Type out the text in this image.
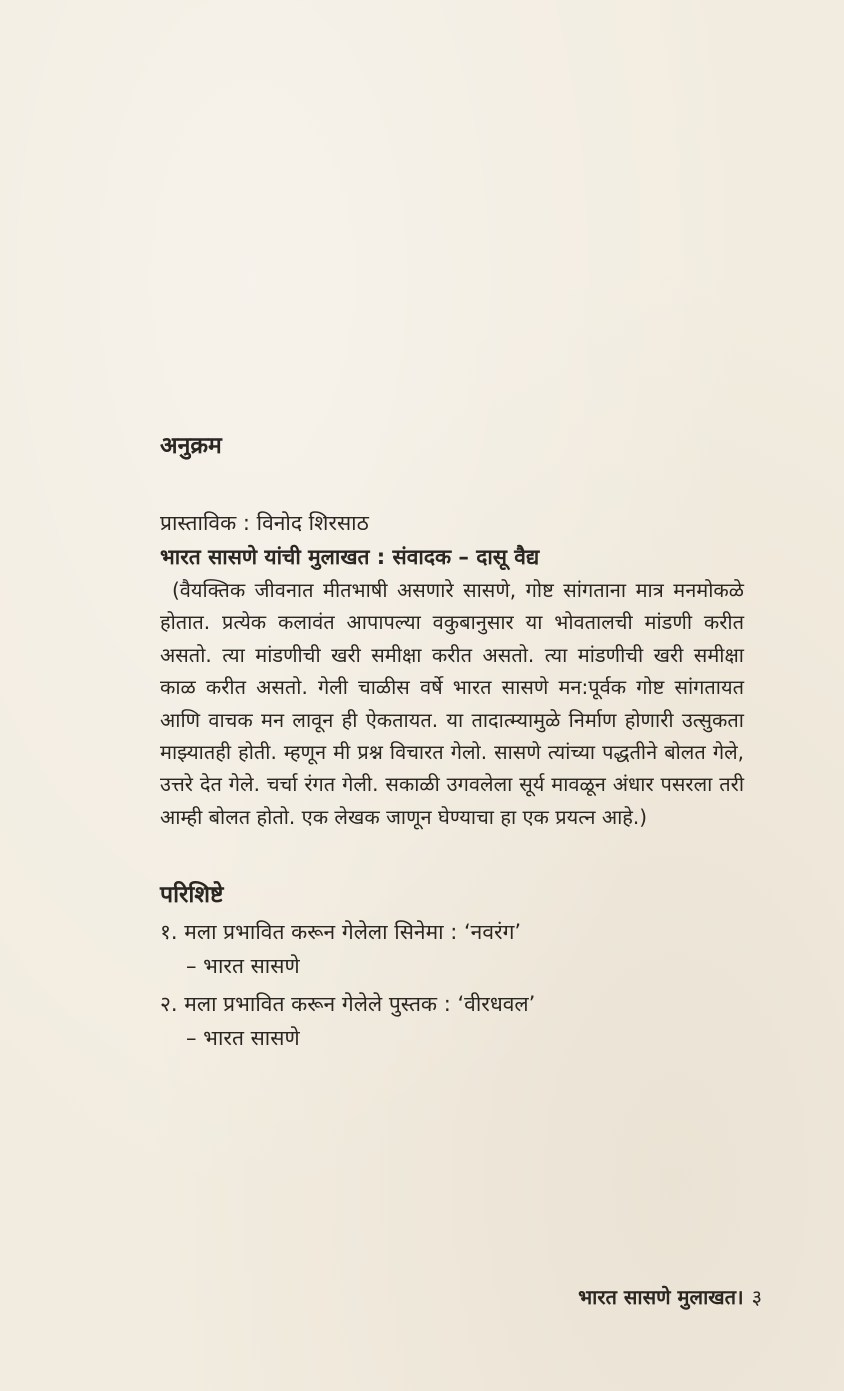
अनुक्रम

प्रास्ताविक : विनोद शिरसाठ

भारत सासणे यांची मुलाखत : संवादक – दासू वैद्य

(वैयक्तिक जीवनात मीतभाषी असणारे सासणे, गोष्ट सांगताना मात्र मनमोकळे होतात. प्रत्येक कलावंत आपापल्या वकुबानुसार या भोवतालची मांडणी करीत असतो. त्या मांडणीची खरी समीक्षा करीत असतो. त्या मांडणीची खरी समीक्षा काळ करीत असतो. गेली चाळीस वर्षे भारत सासणे मन:पूर्वक गोष्ट सांगतायत आणि वाचक मन लावून ही ऐकतायत. या तादात्म्यामुळे निर्माण होणारी उत्सुकता माझ्यातही होती. म्हणून मी प्रश्न विचारत गेलो. सासणे त्यांच्या पद्धतीने बोलत गेले, उत्तरे देत गेले. चर्चा रंगत गेली. सकाळी उगवलेला सूर्य मावळून अंधार पसरला तरी आम्ही बोलत होतो. एक लेखक जाणून घेण्याचा हा एक प्रयत्न आहे.)

परिशिष्टे

१. मला प्रभावित करून गेलेला सिनेमा : ‘नवरंग’

– भारत सासणे

२. मला प्रभावित करून गेलेले पुस्तक : ‘वीरधवल’

– भारत सासणे

भारत सासणे मुलाखत। ३
